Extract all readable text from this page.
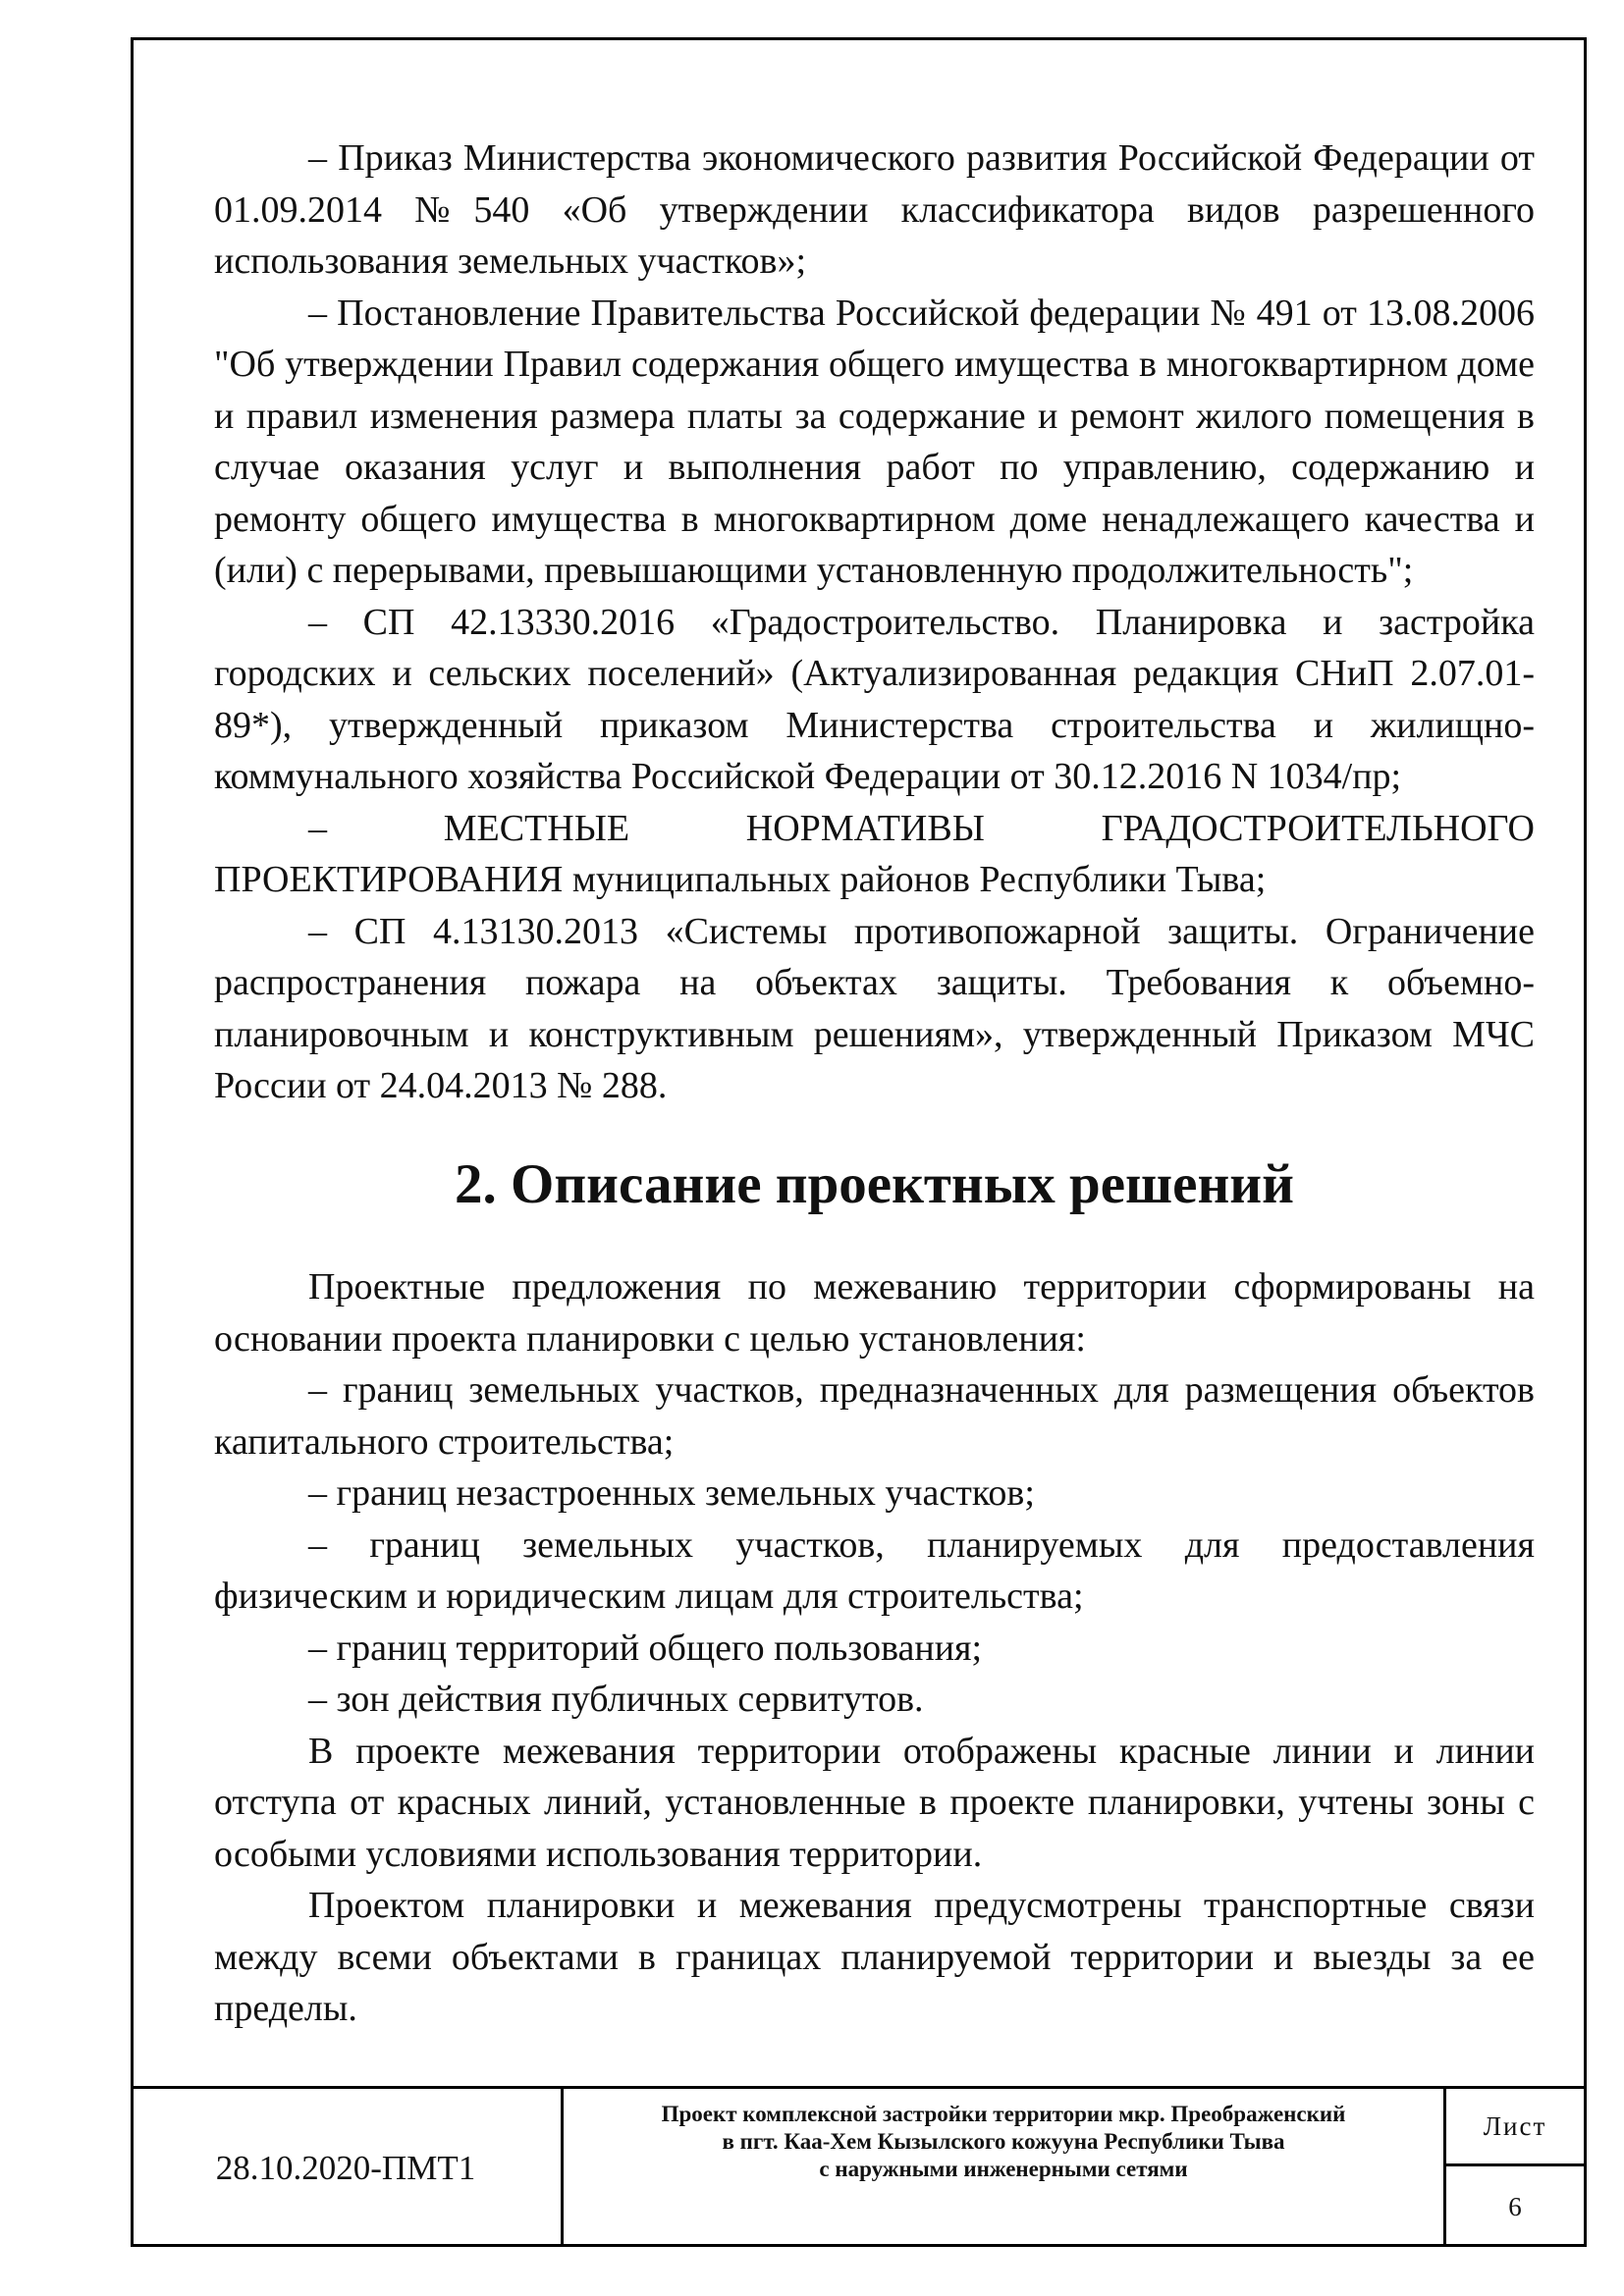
– Приказ Министерства экономического развития Российской Федерации от 01.09.2014 №540 «Об утверждении классификатора видов разрешенного использования земельных участков»;

– Постановление Правительства Российской федерации № 491 от 13.08.2006 "Об утверждении Правил содержания общего имущества в многоквартирном доме и правил изменения размера платы за содержание и ремонт жилого помещения в случае оказания услуг и выполнения работ по управлению, содержанию и ремонту общего имущества в многоквартирном доме ненадлежащего качества и (или) с перерывами, превышающими установленную продолжительность";

– СП 42.13330.2016 «Градостроительство. Планировка и застройка городских и сельских поселений» (Актуализированная редакция СНиП 2.07.01-89*), утвержденный приказом Министерства строительства и жилищно-коммунального хозяйства Российской Федерации от 30.12.2016 N 1034/пр;

– МЕСТНЫЕ НОРМАТИВЫ ГРАДОСТРОИТЕЛЬНОГО ПРОЕКТИРОВАНИЯ муниципальных районов Республики Тыва;

– СП 4.13130.2013 «Системы противопожарной защиты. Ограничение распространения пожара на объектах защиты. Требования к объемно-планировочным и конструктивным решениям», утвержденный Приказом МЧС России от 24.04.2013 № 288.

2. Описание проектных решений

Проектные предложения по межеванию территории сформированы на основании проекта планировки с целью установления:

– границ земельных участков, предназначенных для размещения объектов капитального строительства;

– границ незастроенных земельных участков;

– границ земельных участков, планируемых для предоставления физическим и юридическим лицам для строительства;

– границ территорий общего пользования;

– зон действия публичных сервитутов.

В проекте межевания территории отображены красные линии и линии отступа от красных линий, установленные в проекте планировки, учтены зоны с особыми условиями использования территории.

Проектом планировки и межевания предусмотрены транспортные связи между всеми объектами в границах планируемой территории и выезды за ее пределы.

28.10.2020-ПМТ1
Проект комплексной застройки территории мкр. Преображенский
в пгт. Каа-Хем Кызылского кожууна Республики Тыва
с наружными инженерными сетями
Лист
6
